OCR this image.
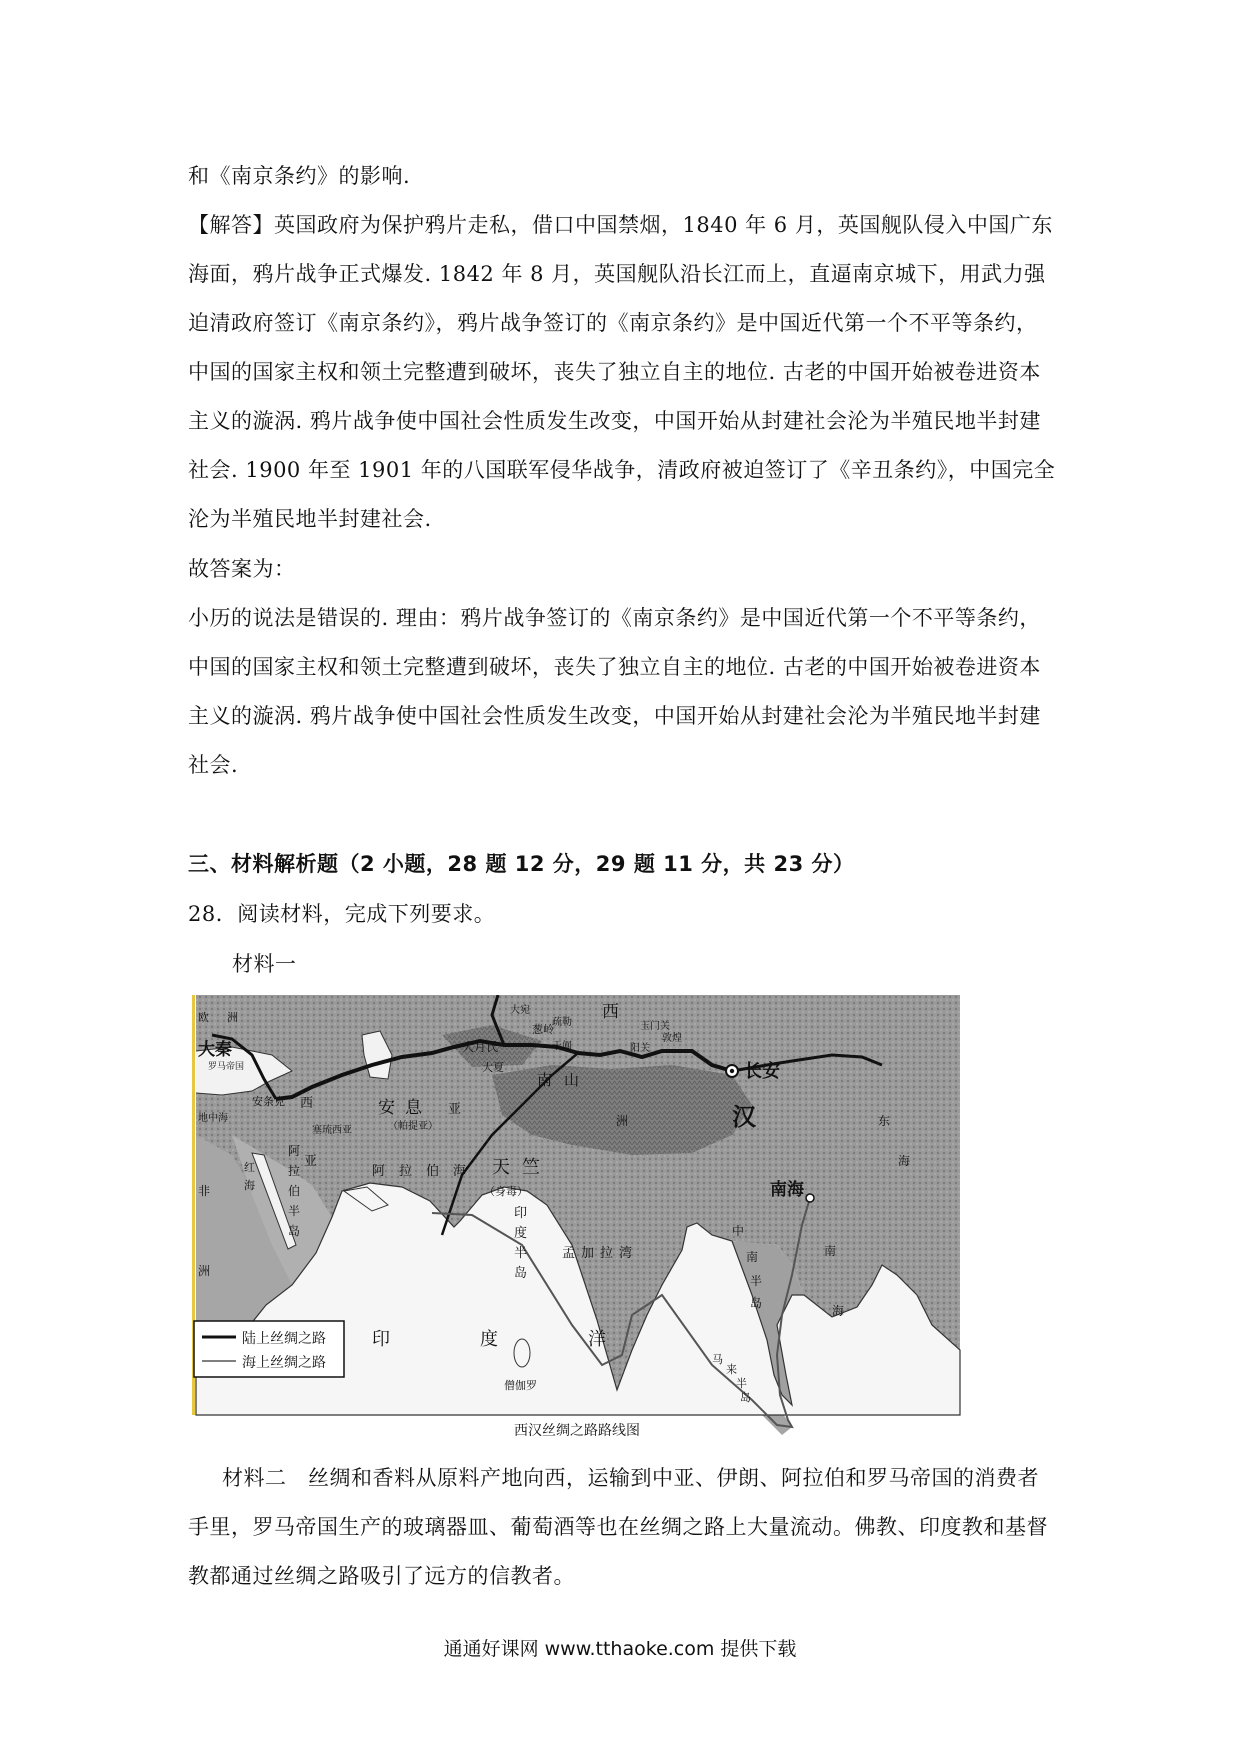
和《南京条约》的影响.
【解答】英国政府为保护鸦片走私，借口中国禁烟，1840 年 6 月，英国舰队侵入中国广东
海面，鸦片战争正式爆发. 1842 年 8 月，英国舰队沿长江而上，直逼南京城下，用武力强
迫清政府签订《南京条约》，鸦片战争签订的《南京条约》是中国近代第一个不平等条约，
中国的国家主权和领土完整遭到破坏，丧失了独立自主的地位. 古老的中国开始被卷进资本
主义的漩涡. 鸦片战争使中国社会性质发生改变，中国开始从封建社会沦为半殖民地半封建
社会. 1900 年至 1901 年的八国联军侵华战争，清政府被迫签订了《辛丑条约》，中国完全
沦为半殖民地半封建社会.
故答案为：
小历的说法是错误的. 理由：鸦片战争签订的《南京条约》是中国近代第一个不平等条约，
中国的国家主权和领土完整遭到破坏，丧失了独立自主的地位. 古老的中国开始被卷进资本
主义的漩涡. 鸦片战争使中国社会性质发生改变，中国开始从封建社会沦为半殖民地半封建
社会.
三、材料解析题（2 小题，28 题 12 分，29 题 11 分，共 23 分）
28．阅读材料，完成下列要求。
材料一
长安
汉
南海
天竺
（身毒）
印
度
半
岛
安息
（帕提亚）
塞琉西亚
大秦
罗马帝国
安条克
大月氏
大夏
葱岭
于阗
疏勒
大宛
玉门关
阳关
敦煌
南山
西
阿拉伯海
孟加拉湾
印度洋
僧伽罗
中
南
半
岛
马
来
半
岛
南
海
东
海
阿
拉
伯
半
岛
红
海
非
洲
欧洲
地中海
西
亚
亚
洲
陆上丝绸之路
海上丝绸之路
西汉丝绸之路路线图
材料二　丝绸和香料从原料产地向西，运输到中亚、伊朗、阿拉伯和罗马帝国的消费者
手里，罗马帝国生产的玻璃器皿、葡萄酒等也在丝绸之路上大量流动。佛教、印度教和基督
教都通过丝绸之路吸引了远方的信教者。
通通好课网 www.tthaoke.com 提供下载
